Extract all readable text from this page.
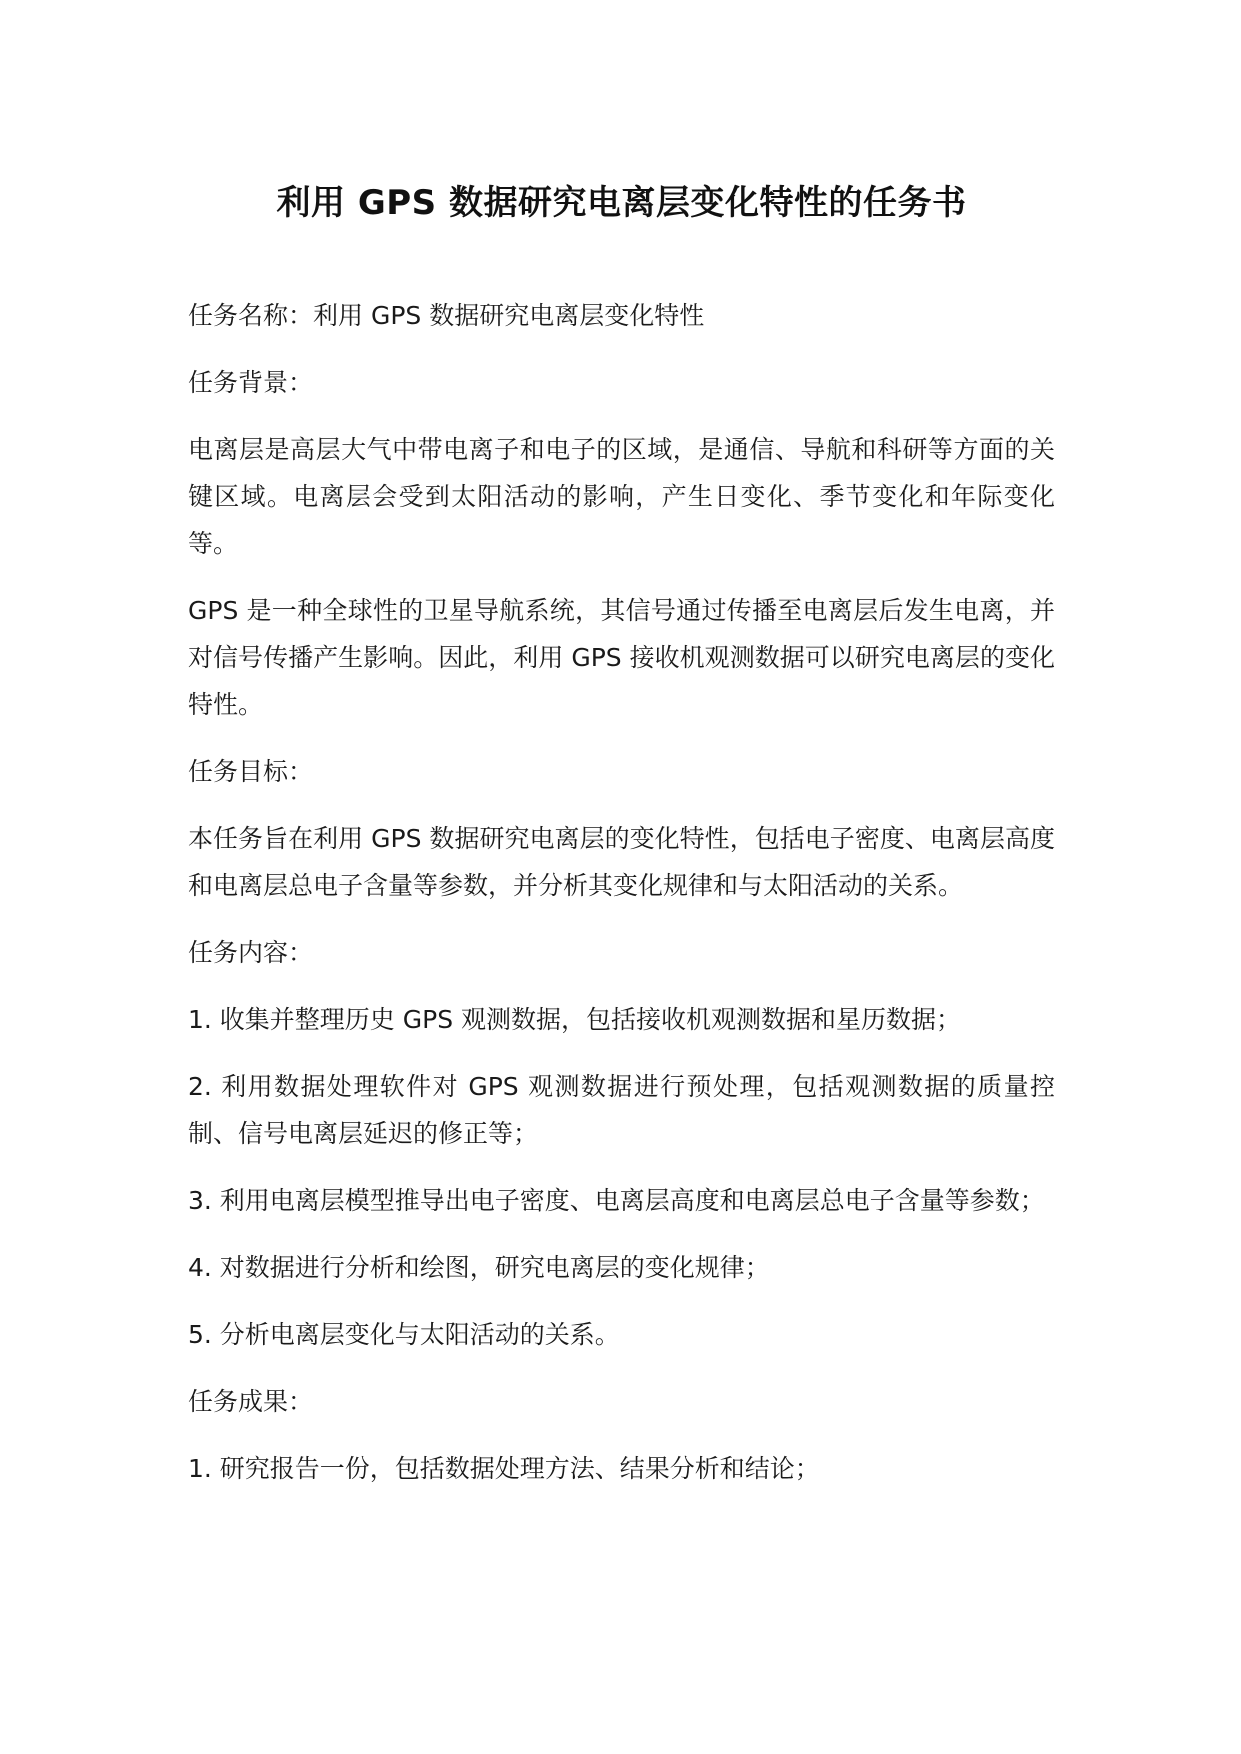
利用 GPS 数据研究电离层变化特性的任务书

任务名称：利用 GPS 数据研究电离层变化特性

任务背景：

电离层是高层大气中带电离子和电子的区域，是通信、导航和科研等方面的关键区域。电离层会受到太阳活动的影响，产生日变化、季节变化和年际变化等。

GPS 是一种全球性的卫星导航系统，其信号通过传播至电离层后发生电离，并对信号传播产生影响。因此，利用 GPS 接收机观测数据可以研究电离层的变化特性。

任务目标：

本任务旨在利用 GPS 数据研究电离层的变化特性，包括电子密度、电离层高度和电离层总电子含量等参数，并分析其变化规律和与太阳活动的关系。

任务内容：

1. 收集并整理历史 GPS 观测数据，包括接收机观测数据和星历数据；

2. 利用数据处理软件对 GPS 观测数据进行预处理，包括观测数据的质量控制、信号电离层延迟的修正等；

3. 利用电离层模型推导出电子密度、电离层高度和电离层总电子含量等参数；

4. 对数据进行分析和绘图，研究电离层的变化规律；

5. 分析电离层变化与太阳活动的关系。

任务成果：

1. 研究报告一份，包括数据处理方法、结果分析和结论；
